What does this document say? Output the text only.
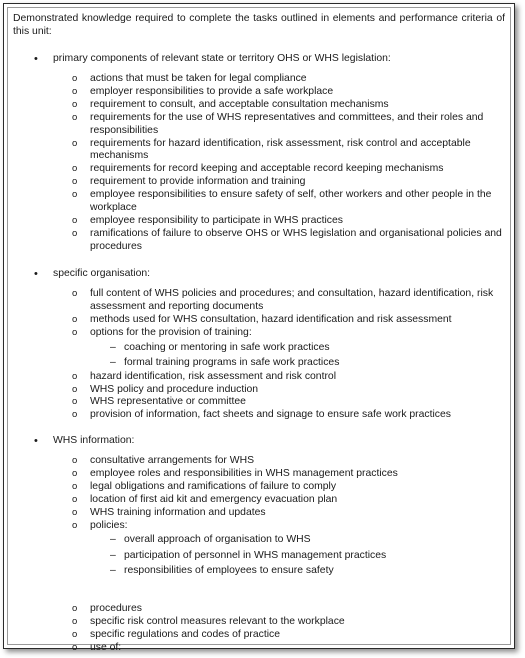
Demonstrated knowledge required to complete the tasks outlined in elements and performance criteria of this unit:

• primary components of relevant state or territory OHS or WHS legislation:
o actions that must be taken for legal compliance
o employer responsibilities to provide a safe workplace
o requirement to consult, and acceptable consultation mechanisms
o requirements for the use of WHS representatives and committees, and their roles and responsibilities
o requirements for hazard identification, risk assessment, risk control and acceptable mechanisms
o requirements for record keeping and acceptable record keeping mechanisms
o requirement to provide information and training
o employee responsibilities to ensure safety of self, other workers and other people in the workplace
o employee responsibility to participate in WHS practices
o ramifications of failure to observe OHS or WHS legislation and organisational policies and procedures
• specific organisation:
o full content of WHS policies and procedures; and consultation, hazard identification, risk assessment and reporting documents
o methods used for WHS consultation, hazard identification and risk assessment
o options for the provision of training:
– coaching or mentoring in safe work practices
– formal training programs in safe work practices
o hazard identification, risk assessment and risk control
o WHS policy and procedure induction
o WHS representative or committee
o provision of information, fact sheets and signage to ensure safe work practices
• WHS information:
o consultative arrangements for WHS
o employee roles and responsibilities in WHS management practices
o legal obligations and ramifications of failure to comply
o location of first aid kit and emergency evacuation plan
o WHS training information and updates
o policies:
– overall approach of organisation to WHS
– participation of personnel in WHS management practices
– responsibilities of employees to ensure safety
o procedures
o specific risk control measures relevant to the workplace
o specific regulations and codes of practice
o use of:
